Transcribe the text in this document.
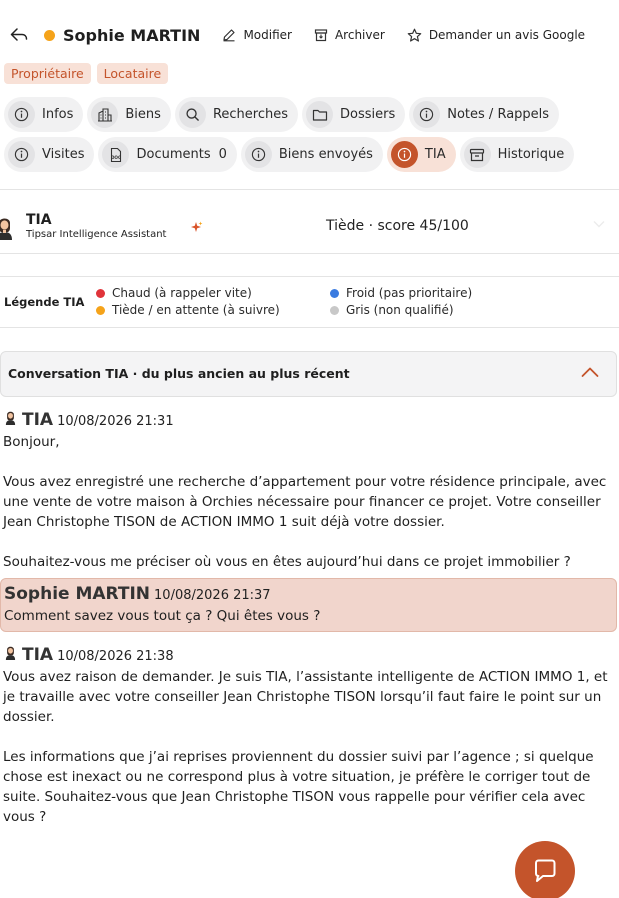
Sophie MARTIN	Modifier	Archiver	Demander un avis Google
Propriétaire	Locataire
Infos	Biens	Recherches	Dossiers	Notes / Rappels
Visites	DOC Documents 0	Biens envoyés	TIA	Historique
TIA
Tipsar Intelligence Assistant
Tiède · score 45/100
Légende TIA
Chaud (à rappeler vite)
Tiède / en attente (à suivre)
Froid (pas prioritaire)
Gris (non qualifié)
Conversation TIA · du plus ancien au plus récent
TIA 10/08/2026 21:31

Bonjour,

Vous avez enregistré une recherche d’appartement pour votre résidence principale, avec une vente de votre maison à Orchies nécessaire pour financer ce projet. Votre conseiller Jean Christophe TISON de ACTION IMMO 1 suit déjà votre dossier.

Souhaitez-vous me préciser où vous en êtes aujourd’hui dans ce projet immobilier ?

Sophie MARTIN 10/08/2026 21:37

Comment savez vous tout ça ? Qui êtes vous ?

TIA 10/08/2026 21:38

Vous avez raison de demander. Je suis TIA, l’assistante intelligente de ACTION IMMO 1, et je travaille avec votre conseiller Jean Christophe TISON lorsqu’il faut faire le point sur un dossier.

Les informations que j’ai reprises proviennent du dossier suivi par l’agence ; si quelque chose est inexact ou ne correspond plus à votre situation, je préfère le corriger tout de suite. Souhaitez-vous que Jean Christophe TISON vous rappelle pour vérifier cela avec vous ?
